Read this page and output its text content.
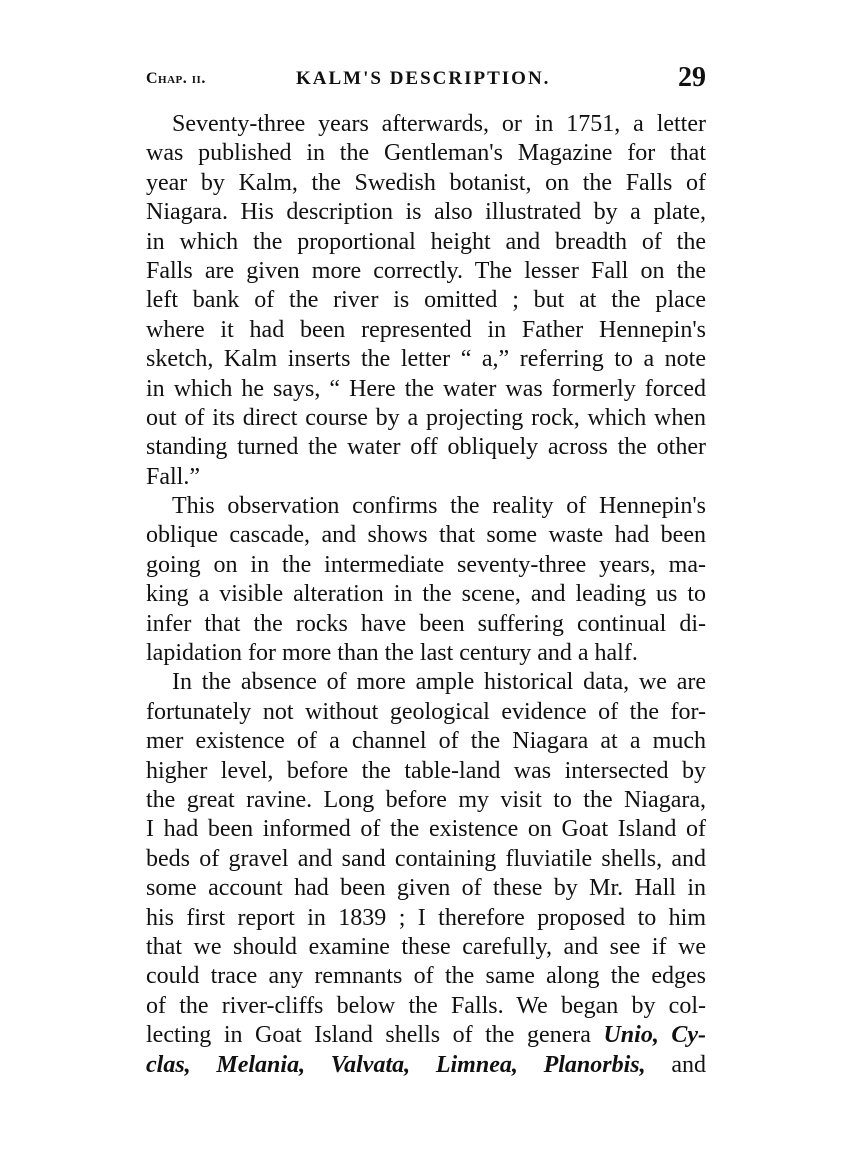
Chap. ii.	KALM'S DESCRIPTION.	29
Seventy-three years afterwards, or in 1751, a letter
was published in the Gentleman's Magazine for that
year by Kalm, the Swedish botanist, on the Falls of
Niagara. His description is also illustrated by a plate,
in which the proportional height and breadth of the
Falls are given more correctly. The lesser Fall on the
left bank of the river is omitted ; but at the place
where it had been represented in Father Hennepin's
sketch, Kalm inserts the letter “ a,” referring to a note
in which he says, “ Here the water was formerly forced
out of its direct course by a projecting rock, which when
standing turned the water off obliquely across the other
Fall.”
This observation confirms the reality of Hennepin's
oblique cascade, and shows that some waste had been
going on in the intermediate seventy-three years, ma-
king a visible alteration in the scene, and leading us to
infer that the rocks have been suffering continual di-
lapidation for more than the last century and a half.
In the absence of more ample historical data, we are
fortunately not without geological evidence of the for-
mer existence of a channel of the Niagara at a much
higher level, before the table-land was intersected by
the great ravine. Long before my visit to the Niagara,
I had been informed of the existence on Goat Island of
beds of gravel and sand containing fluviatile shells, and
some account had been given of these by Mr. Hall in
his first report in 1839 ; I therefore proposed to him
that we should examine these carefully, and see if we
could trace any remnants of the same along the edges
of the river-cliffs below the Falls. We began by col-
lecting in Goat Island shells of the genera Unio, Cy-
clas, Melania, Valvata, Limnea, Planorbis, and
